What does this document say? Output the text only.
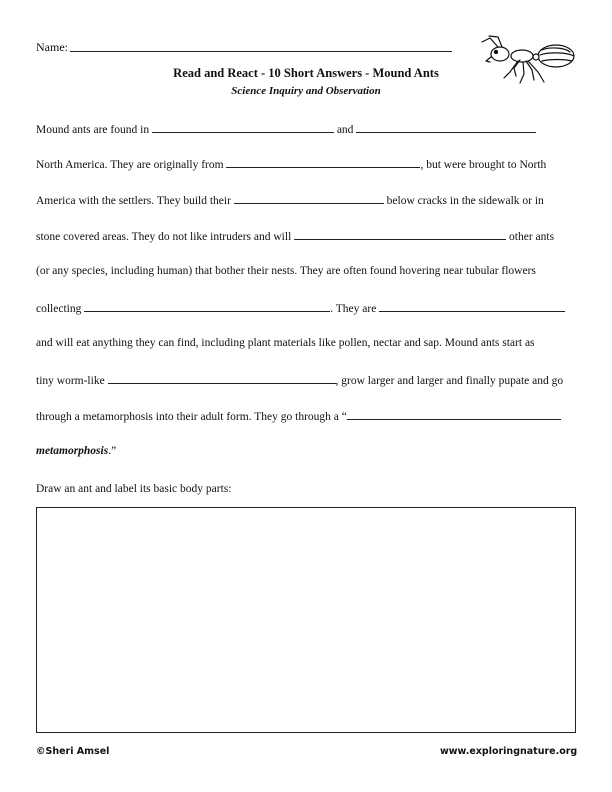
Name:
Read and React - 10 Short Answers - Mound Ants
Science Inquiry and Observation
Mound ants are found in	and
North America. They are originally from	, but were brought to North
America with the settlers. They build their	below cracks in the sidewalk or in
stone covered areas. They do not like intruders and will	other ants
(or any species, including human) that bother their nests. They are often found hovering near tubular flowers
collecting	. They are
and will eat anything they can find, including plant materials like pollen, nectar and sap. Mound ants start as
tiny worm-like	, grow larger and larger and finally pupate and go
through a metamorphosis into their adult form. They go through a “
metamorphosis.”
Draw an ant and label its basic body parts:
©Sheri Amsel	www.exploringnature.org
